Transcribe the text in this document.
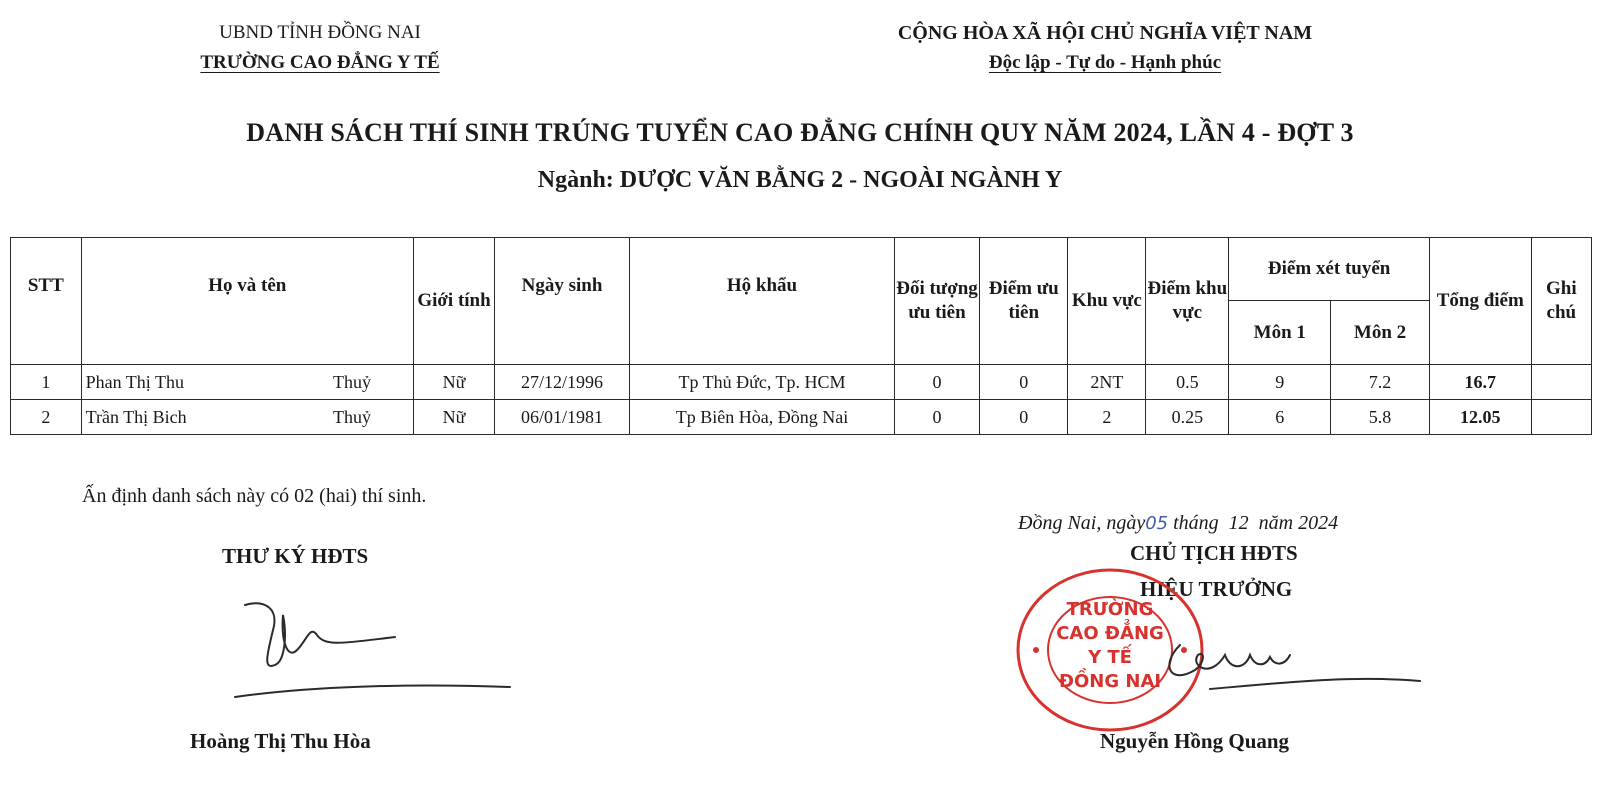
UBND TỈNH ĐỒNG NAI
TRƯỜNG CAO ĐẲNG Y TẾ
CỘNG HÒA XÃ HỘI CHỦ NGHĨA VIỆT NAM
Độc lập - Tự do - Hạnh phúc
DANH SÁCH THÍ SINH TRÚNG TUYỂN CAO ĐẲNG CHÍNH QUY NĂM 2024, LẦN 4 - ĐỢT 3
Ngành: DƯỢC VĂN BẰNG 2 - NGOÀI NGÀNH Y
STT	Họ và tên	Giới tính	Ngày sinh	Hộ khẩu	Đối tượng ưu tiên	Điểm ưu tiên	Khu vực	Điểm khu vực	Điểm xét tuyển		Tổng điểm	Ghi chú
									Môn 1	Môn 2		
1	Phan Thị Thu Thuỷ	Nữ	27/12/1996	Tp Thủ Đức, Tp. HCM	0	0	2NT	0.5	9	7.2	16.7	
2	Trần Thị Bich Thuỷ	Nữ	06/01/1981	Tp Biên Hòa, Đồng Nai	0	0	2	0.25	6	5.8	12.05	
Ấn định danh sách này có 02 (hai) thí sinh.
Đồng Nai, ngày05 tháng  12  năm 2024
THƯ KÝ HĐTS	CHỦ TỊCH HĐTS
HIỆU TRƯỞNG
TRƯỜNG
CAO ĐẲNG
Y TẾ
ĐỒNG NAI
Hoàng Thị Thu Hòa	Nguyễn Hồng Quang
